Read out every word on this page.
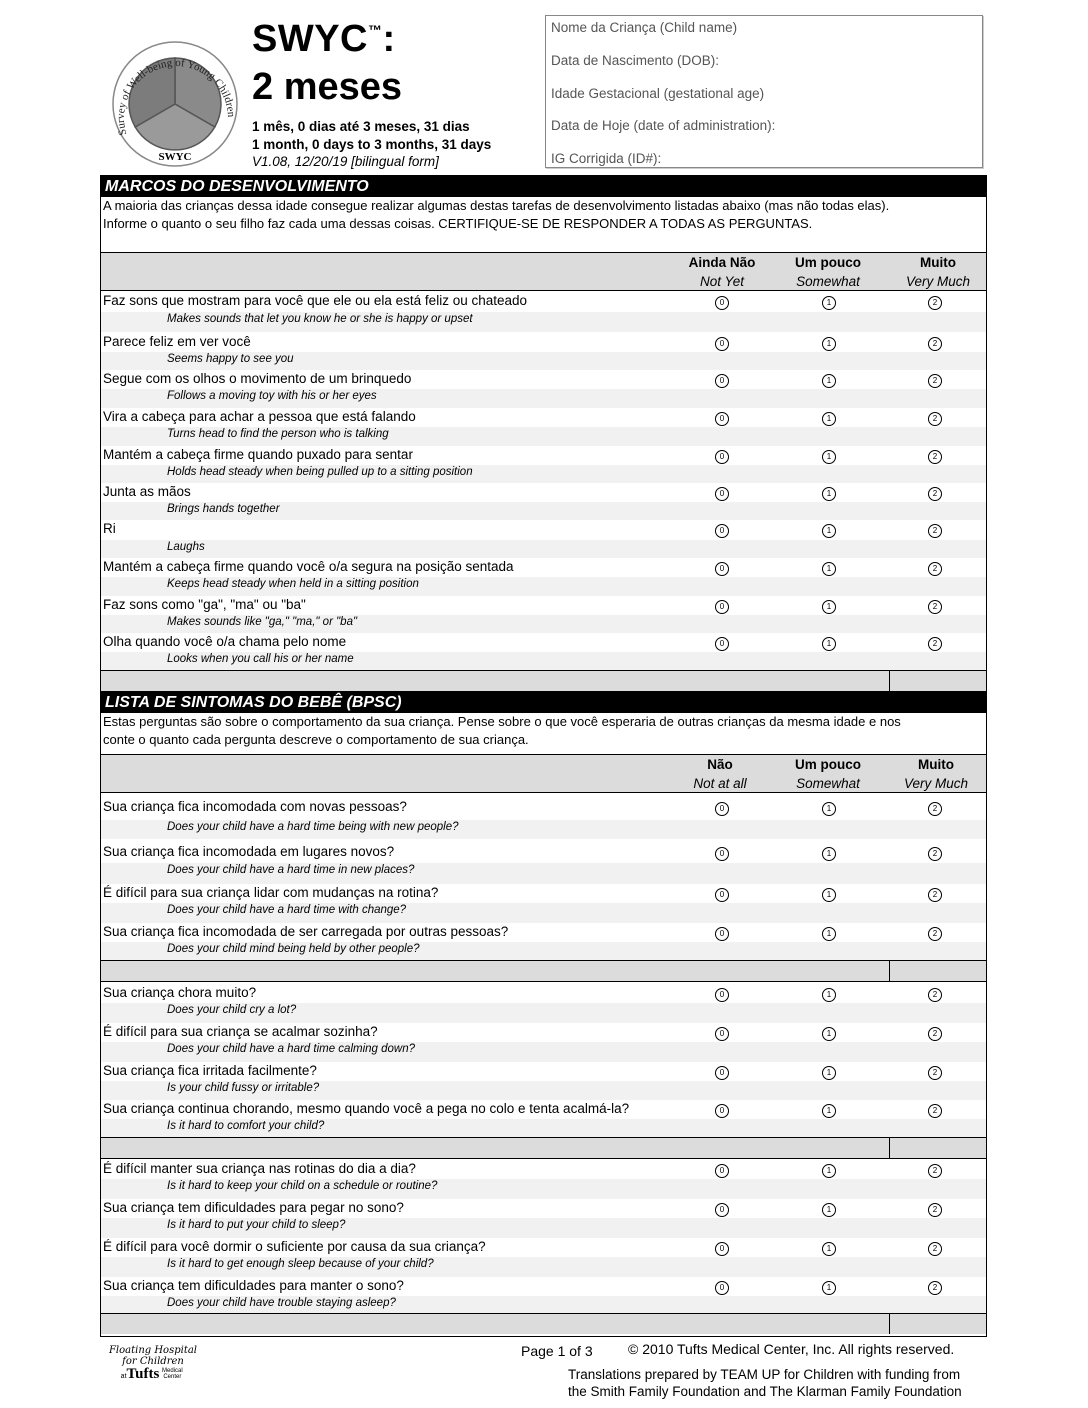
Survey of Well-being of Young Children
SWYC
SWYC™:
2 meses
1 mês, 0 dias até 3 meses, 31 dias
1 month, 0 days to 3 months, 31 days
V1.08, 12/20/19 [bilingual form]
Nome da Criança (Child name)
Data de Nascimento (DOB):
Idade Gestacional (gestational age)
Data de Hoje (date of administration):
IG Corrigida (ID#):
MARCOS DO DESENVOLVIMENTO
A maioria das crianças dessa idade consegue realizar algumas destas tarefas de desenvolvimento listadas abaixo (mas não todas elas).
Informe o quanto o seu filho faz cada uma dessas coisas. CERTIFIQUE-SE DE RESPONDER A TODAS AS PERGUNTAS.
Ainda Não
Not Yet
Um pouco
Somewhat
Muito
Very Much
Faz sons que mostram para você que ele ou ela está feliz ou chateado
Makes sounds that let you know he or she is happy or upset
0	1	2
Parece feliz em ver você
Seems happy to see you
0	1	2
Segue com os olhos o movimento de um brinquedo
Follows a moving toy with his or her eyes
0	1	2
Vira a cabeça para achar a pessoa que está falando
Turns head to find the person who is talking
0	1	2
Mantém a cabeça firme quando puxado para sentar
Holds head steady when being pulled up to a sitting position
0	1	2
Junta as mãos
Brings hands together
0	1	2
Ri
Laughs
0	1	2
Mantém a cabeça firme quando você o/a segura na posição sentada
Keeps head steady when held in a sitting position
0	1	2
Faz sons como "ga", "ma" ou "ba"
Makes sounds like "ga," "ma," or "ba"
0	1	2
Olha quando você o/a chama pelo nome
Looks when you call his or her name
0	1	2
LISTA DE SINTOMAS DO BEBÊ (BPSC)
Estas perguntas são sobre o comportamento da sua criança. Pense sobre o que você esperaria de outras crianças da mesma idade e nos
conte o quanto cada pergunta descreve o comportamento de sua criança.
Não
Not at all
Um pouco
Somewhat
Muito
Very Much
Sua criança fica incomodada com novas pessoas?
Does your child have a hard time being with new people?
0	1	2
Sua criança fica incomodada em lugares novos?
Does your child have a hard time in new places?
0	1	2
É difícil para sua criança lidar com mudanças na rotina?
Does your child have a hard time with change?
0	1	2
Sua criança fica incomodada de ser carregada por outras pessoas?
Does your child mind being held by other people?
0	1	2
Sua criança chora muito?
Does your child cry a lot?
0	1	2
É difícil para sua criança se acalmar sozinha?
Does your child have a hard time calming down?
0	1	2
Sua criança fica irritada facilmente?
Is your child fussy or irritable?
0	1	2
Sua criança continua chorando, mesmo quando você a pega no colo e tenta acalmá-la?
Is it hard to comfort your child?
0	1	2
É difícil manter sua criança nas rotinas do dia a dia?
Is it hard to keep your child on a schedule or routine?
0	1	2
Sua criança tem dificuldades para pegar no sono?
Is it hard to put your child to sleep?
0	1	2
É difícil para você dormir o suficiente por causa da sua criança?
Is it hard to get enough sleep because of your child?
0	1	2
Sua criança tem dificuldades para manter o sono?
Does your child have trouble staying asleep?
0	1	2
Floating Hospital
for Children
atTufts Medical Center
Page 1 of 3	© 2010 Tufts Medical Center, Inc. All rights reserved.
Translations prepared by TEAM UP for Children with funding from
the Smith Family Foundation and The Klarman Family Foundation
